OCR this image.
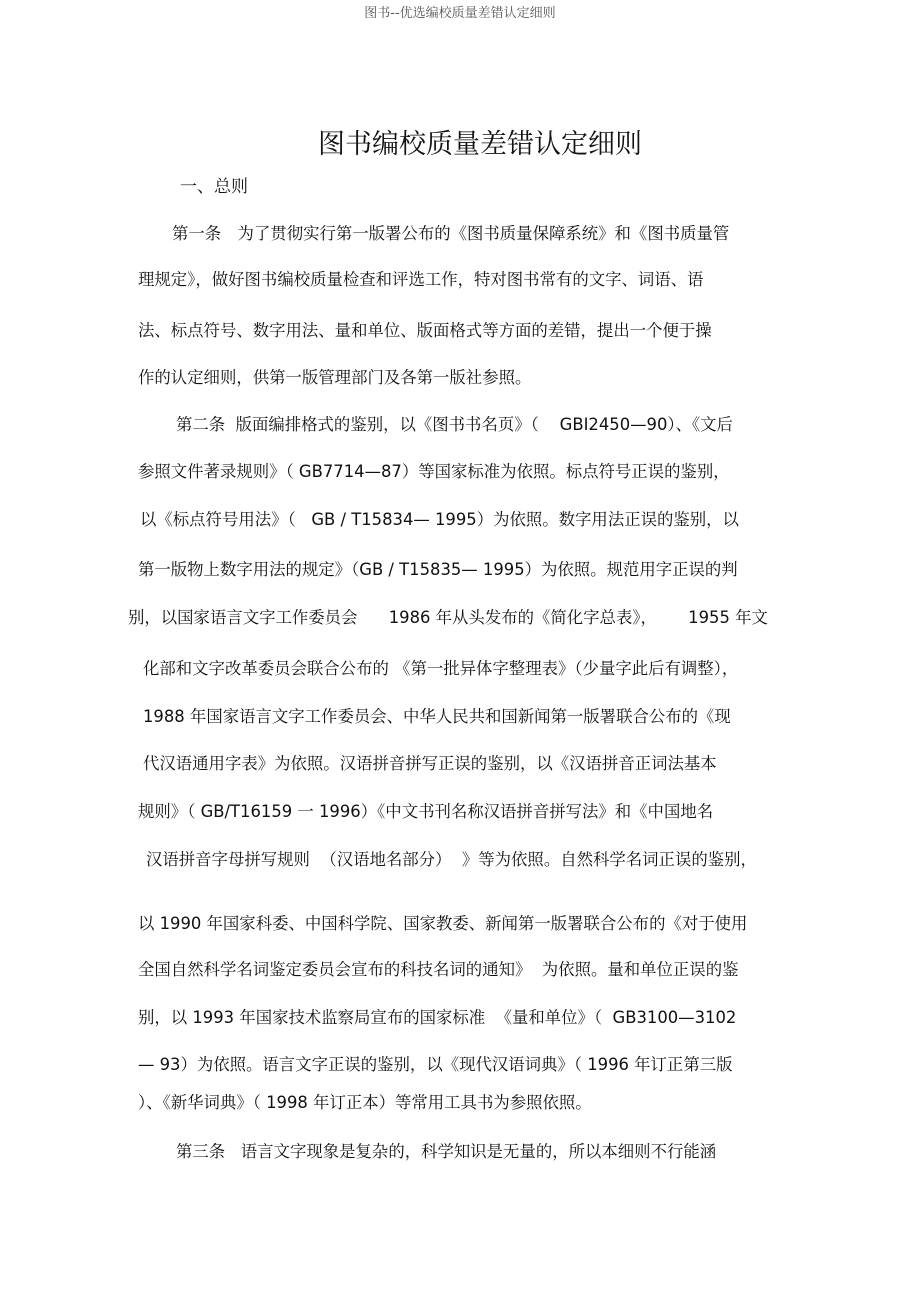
图书--优选编校质量差错认定细则
图书编校质量差错认定细则
一、总则
第一条　为了贯彻实行第一版署公布的《图书质量保障系统》和《图书质量管
理规定》，做好图书编校质量检查和评选工作，特对图书常有的文字、词语、语
法、标点符号、数字用法、量和单位、版面格式等方面的差错，提出一个便于操
作的认定细则，供第一版管理部门及各第一版社参照。
第二条  版面编排格式的鉴别，以《图书书名页》（    GBI2450—90）、《文后
参照文件著录规则》（ GB7714—87）等国家标准为依照。标点符号正误的鉴别，
以《标点符号用法》（   GB / T15834— 1995）为依照。数字用法正误的鉴别，以
第一版物上数字用法的规定》（GB / T15835— 1995）为依照。规范用字正误的判
别，以国家语言文字工作委员会      1986 年从头发布的《简化字总表》，      1955 年文
化部和文字改革委员会联合公布的 《第一批异体字整理表》（少量字此后有调整），
1988 年国家语言文字工作委员会、中华人民共和国新闻第一版署联合公布的《现
代汉语通用字表》为依照。汉语拼音拼写正误的鉴别，以《汉语拼音正词法基本
规则》（ GB/T16159 一 1996）《中文书刊名称汉语拼音拼写法》和《中国地名
汉语拼音字母拼写规则  （汉语地名部分）  》等为依照。自然科学名词正误的鉴别，
以 1990 年国家科委、中国科学院、国家教委、新闻第一版署联合公布的《对于使用
全国自然科学名词鉴定委员会宣布的科技名词的通知》  为依照。量和单位正误的鉴
别，以 1993 年国家技术监察局宣布的国家标准  《量和单位》（  GB3100—3102
— 93）为依照。语言文字正误的鉴别，以《现代汉语词典》（ 1996 年订正第三版
）、《新华词典》（ 1998 年订正本）等常用工具书为参照依照。
第三条   语言文字现象是复杂的，科学知识是无量的，所以本细则不行能涵
